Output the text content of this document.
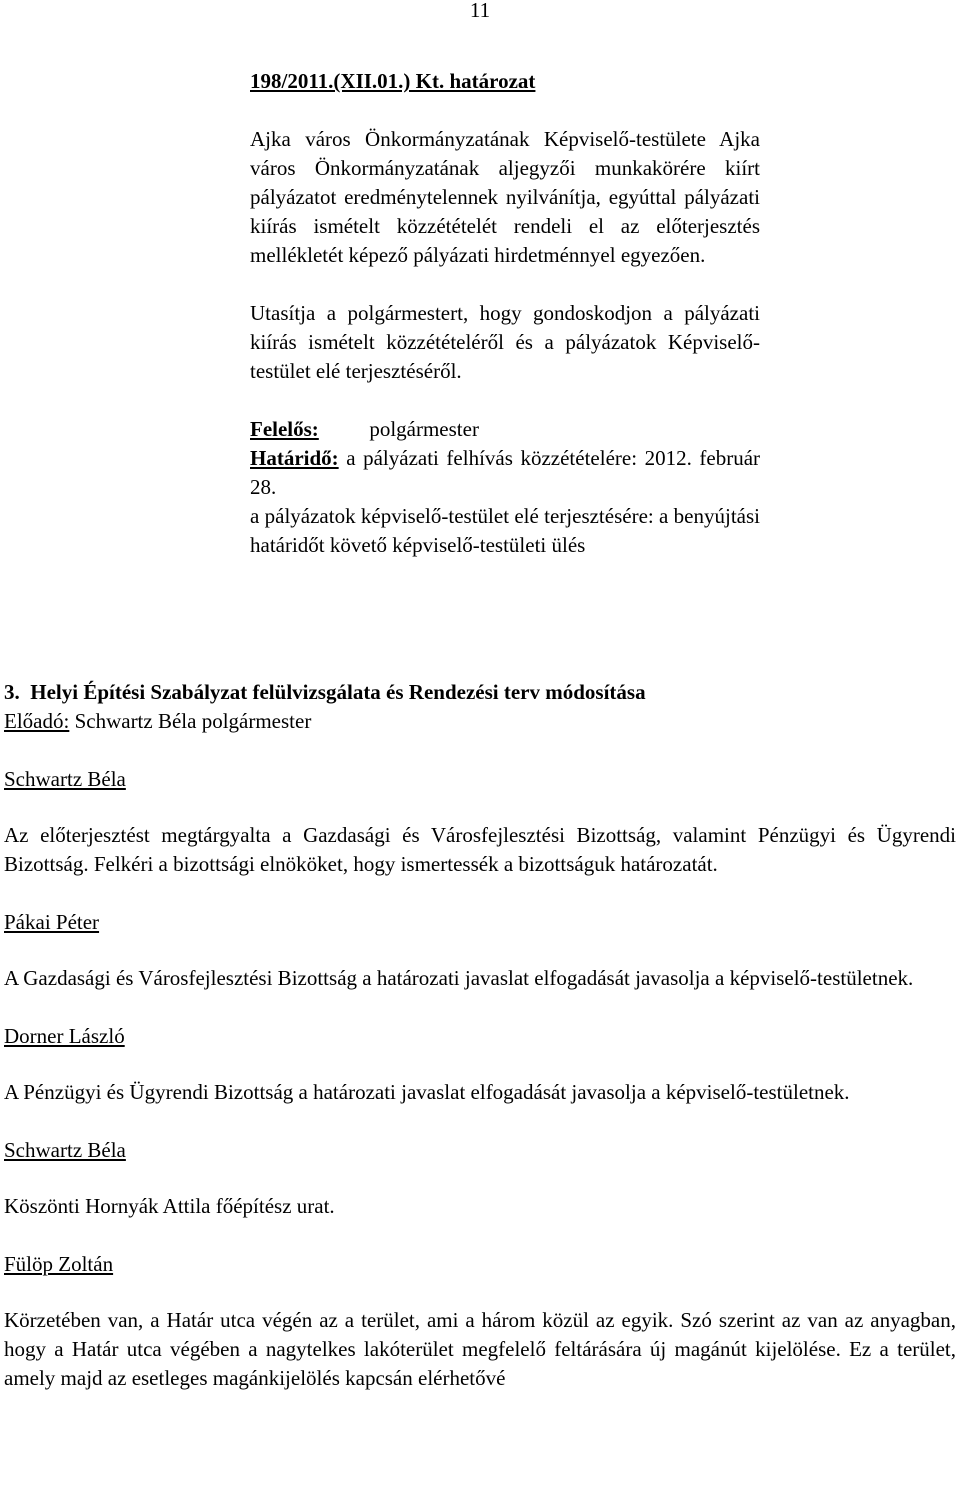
11

198/2011.(XII.01.) Kt. határozat

Ajka város Önkormányzatának Képviselő-testülete Ajka város Önkormányzatának aljegyzői munkakörére kiírt pályázatot eredménytelennek nyilvánítja, egyúttal pályázati kiírás ismételt közzétételét rendeli el az előterjesztés mellékletét képező pályázati hirdetménnyel egyezően.

Utasítja a polgármestert, hogy gondoskodjon a pályázati kiírás ismételt közzétételéről és a pályázatok Képviselő-testület elé terjesztéséről.

Felelős: polgármester

Határidő: a pályázati felhívás közzétételére: 2012. február 28.

a pályázatok képviselő-testület elé terjesztésére: a benyújtási határidőt követő képviselő-testületi ülés

3. Helyi Építési Szabályzat felülvizsgálata és Rendezési terv módosítása

Előadó: Schwartz Béla polgármester

Schwartz Béla

Az előterjesztést megtárgyalta a Gazdasági és Városfejlesztési Bizottság, valamint Pénzügyi és Ügyrendi Bizottság. Felkéri a bizottsági elnököket, hogy ismertessék a bizottságuk határozatát.

Pákai Péter

A Gazdasági és Városfejlesztési Bizottság a határozati javaslat elfogadását javasolja a képviselő-testületnek.

Dorner László

A Pénzügyi és Ügyrendi Bizottság a határozati javaslat elfogadását javasolja a képviselő-testületnek.

Schwartz Béla

Köszönti Hornyák Attila főépítész urat.

Fülöp Zoltán

Körzetében van, a Határ utca végén az a terület, ami a három közül az egyik. Szó szerint az van az anyagban, hogy a Határ utca végében a nagytelkes lakóterület megfelelő feltárására új magánút kijelölése. Ez a terület, amely majd az esetleges magánkijelölés kapcsán elérhetővé
